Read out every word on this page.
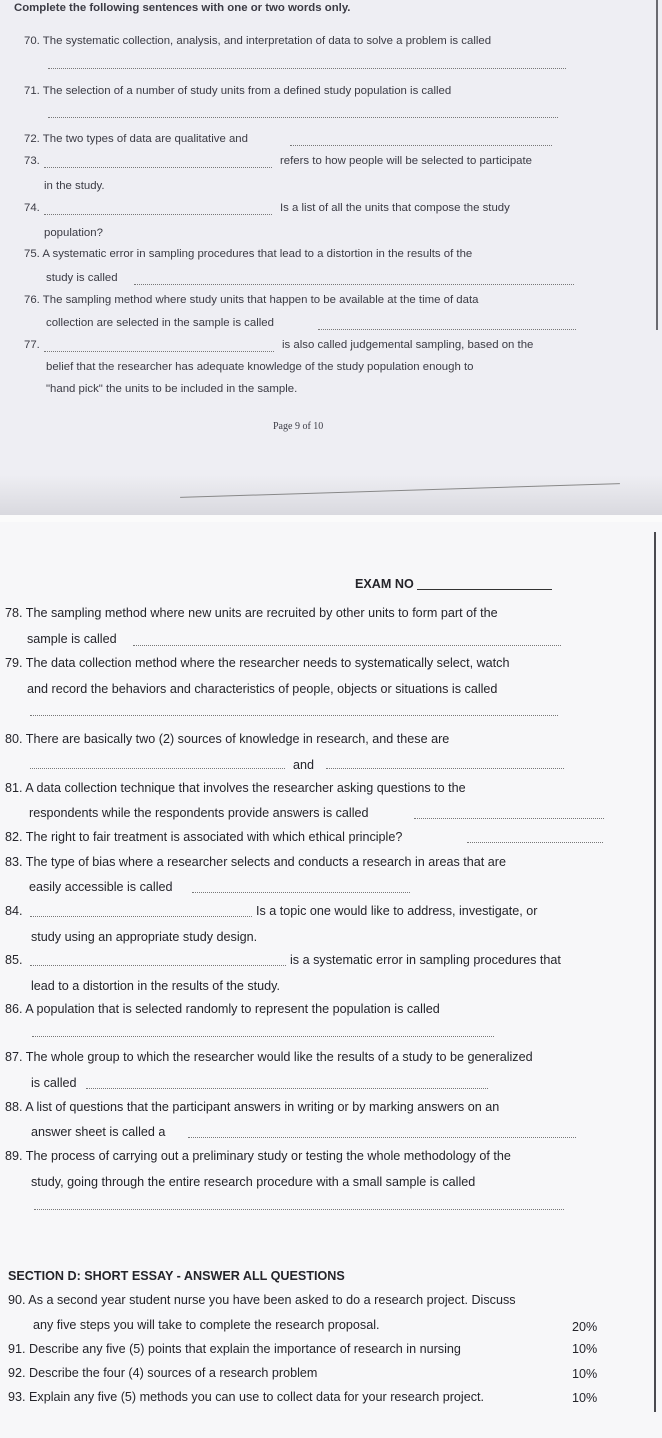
Complete the following sentences with one or two words only.
70. The systematic collection, analysis, and interpretation of data to solve a problem is called
71. The selection of a number of study units from a defined study population is called
72. The two types of data are qualitative and
73.	refers to how people will be selected to participate
in the study.
74.	Is a list of all the units that compose the study
population?
75. A systematic error in sampling procedures that lead to a distortion in the results of the
study is called
76. The sampling method where study units that happen to be available at the time of data
collection are selected in the sample is called
77.	is also called judgemental sampling, based on the
belief that the researcher has adequate knowledge of the study population enough to
"hand pick" the units to be included in the sample.
Page 9 of 10
EXAM NO
78. The sampling method where new units are recruited by other units to form part of the
sample is called
79. The data collection method where the researcher needs to systematically select, watch
and record the behaviors and characteristics of people, objects or situations is called
80. There are basically two (2) sources of knowledge in research, and these are
and
81. A data collection technique that involves the researcher asking questions to the
respondents while the respondents provide answers is called
82. The right to fair treatment is associated with which ethical principle?
83. The type of bias where a researcher selects and conducts a research in areas that are
easily accessible is called
84.	Is a topic one would like to address, investigate, or
study using an appropriate study design.
85.	is a systematic error in sampling procedures that
lead to a distortion in the results of the study.
86. A population that is selected randomly to represent the population is called
87. The whole group to which the researcher would like the results of a study to be generalized
is called
88. A list of questions that the participant answers in writing or by marking answers on an
answer sheet is called a
89. The process of carrying out a preliminary study or testing the whole methodology of the
study, going through the entire research procedure with a small sample is called
SECTION D: SHORT ESSAY - ANSWER ALL QUESTIONS
90. As a second year student nurse you have been asked to do a research project. Discuss
any five steps you will take to complete the research proposal.	20%
91. Describe any five (5) points that explain the importance of research in nursing	10%
92. Describe the four (4) sources of a research problem	10%
93. Explain any five (5) methods you can use to collect data for your research project.	10%
